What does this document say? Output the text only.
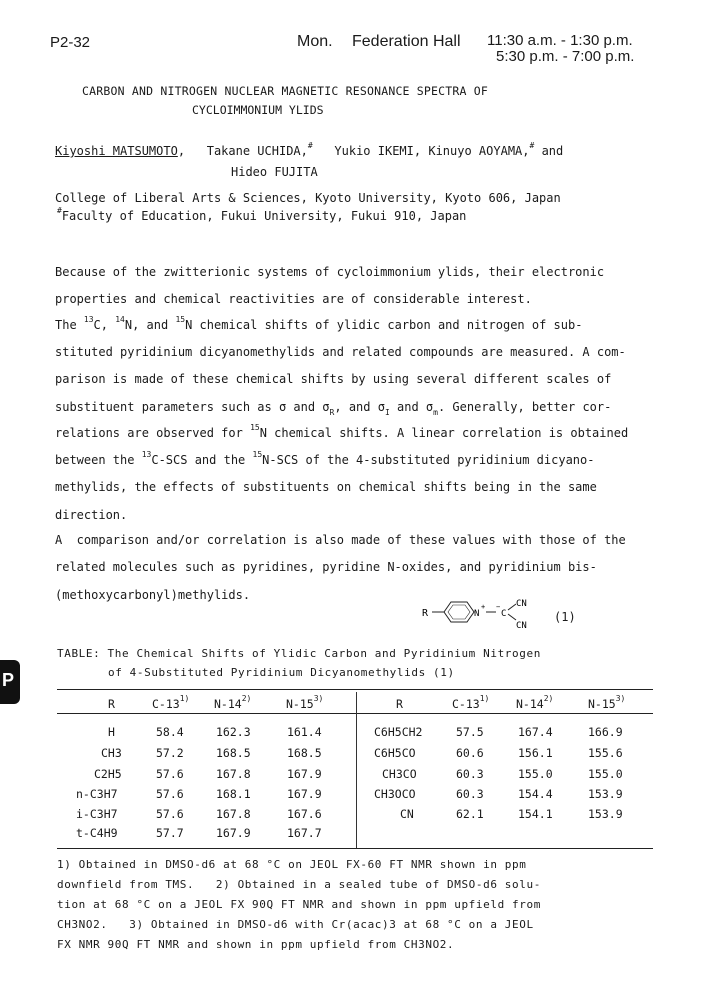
P2-32	Mon. Federation Hall 11:30 a.m. - 1:30 p.m.
5:30 p.m. - 7:00 p.m.
CARBON AND NITROGEN NUCLEAR MAGNETIC RESONANCE SPECTRA OF
CYCLOIMMONIUM YLIDS
Kiyoshi MATSUMOTO,   Takane UCHIDA,# Yukio IKEMI, Kinuyo AOYAMA,# and
Hideo FUJITA
College of Liberal Arts & Sciences, Kyoto University, Kyoto 606, Japan
#Faculty of Education, Fukui University, Fukui 910, Japan

Because of the zwitterionic systems of cycloimmonium ylids, their electronic

properties and chemical reactivities are of considerable interest.

The $^{13}$C, $^{14}$N, and $^{15}$N chemical shifts of ylidic carbon and nitrogen of sub-

stituted pyridinium dicyanomethylids and related compounds are measured. A com-

parison is made of these chemical shifts by using several different scales of

substituent parameters such as σ and $\sigma_R$, and $\sigma_I$ and $\sigma_m$. Generally, better cor-

relations are observed for $^{15}$N chemical shifts. A linear correlation is obtained

between the $^{13}$C-SCS and the $^{15}$N-SCS of the 4-substituted pyridinium dicyano-

methylids, the effects of substituents on chemical shifts being in the same

direction.

A  comparison and/or correlation is also made of these values with those of the

related molecules such as pyridines, pyridine N-oxides, and pyridinium bis-

(methoxycarbonyl)methylids.

R	N
+ −
C
CN
CN
(1)
P
TABLE: The Chemical Shifts of Ylidic Carbon and Pyridinium Nitrogen
of 4-Substituted Pyridinium Dicyanomethylids (1)
R	C-13$^{1)}$ N-14$^{2)}$	N-15$^{3)}$	R	C-13$^{1)}$ N-14$^{2)}$	N-15$^{3)}$
H	58.4	162.3	161.4
CH3	57.2	168.5	168.5
C2H5	57.6	167.8	167.9
n-C3H7	57.6	168.1	167.9
i-C3H7	57.6	167.8	167.6
t-C4H9	57.7	167.9	167.7
C6H5CH2	57.5	167.4	166.9
C6H5CO	60.6	156.1	155.6
CH3CO	60.3	155.0	155.0
CH3OCO	60.3	154.4	153.9
CN	62.1	154.1	153.9

1) Obtained in DMSO-d6 at 68 °C on JEOL FX-60 FT NMR shown in ppm

downfield from TMS.   2) Obtained in a sealed tube of DMSO-d6 solu-

tion at 68 °C on a JEOL FX 90Q FT NMR and shown in ppm upfield from

CH3NO2.   3) Obtained in DMSO-d6 with Cr(acac)3 at 68 °C on a JEOL

FX NMR 90Q FT NMR and shown in ppm upfield from CH3NO2.
